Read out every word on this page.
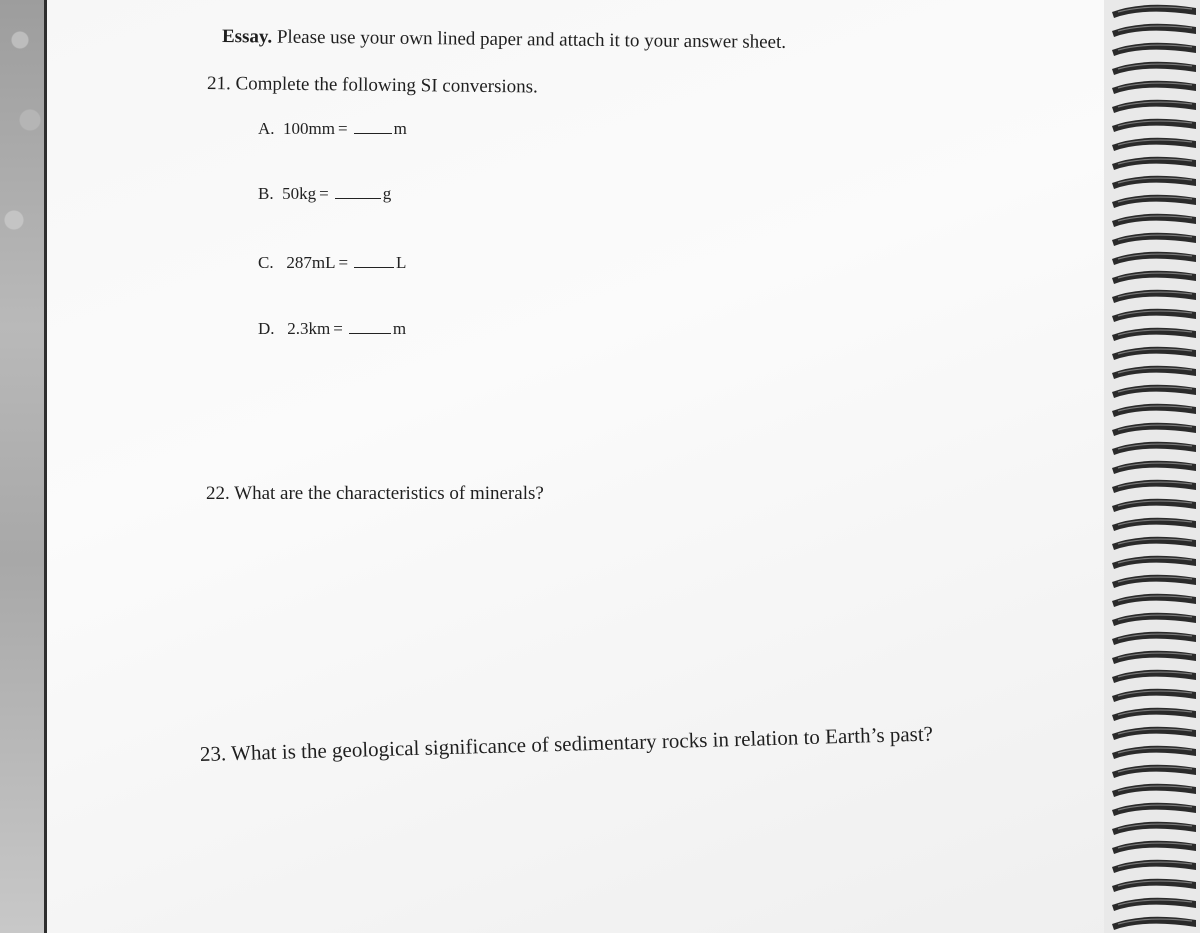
Essay. Please use your own lined paper and attach it to your answer sheet.
21. Complete the following SI conversions.
A. 100mm =	m
B. 50kg =	g
C. 287mL =	L
D. 2.3km =	m
22. What are the characteristics of minerals?
23. What is the geological significance of sedimentary rocks in relation to Earth’s past?
